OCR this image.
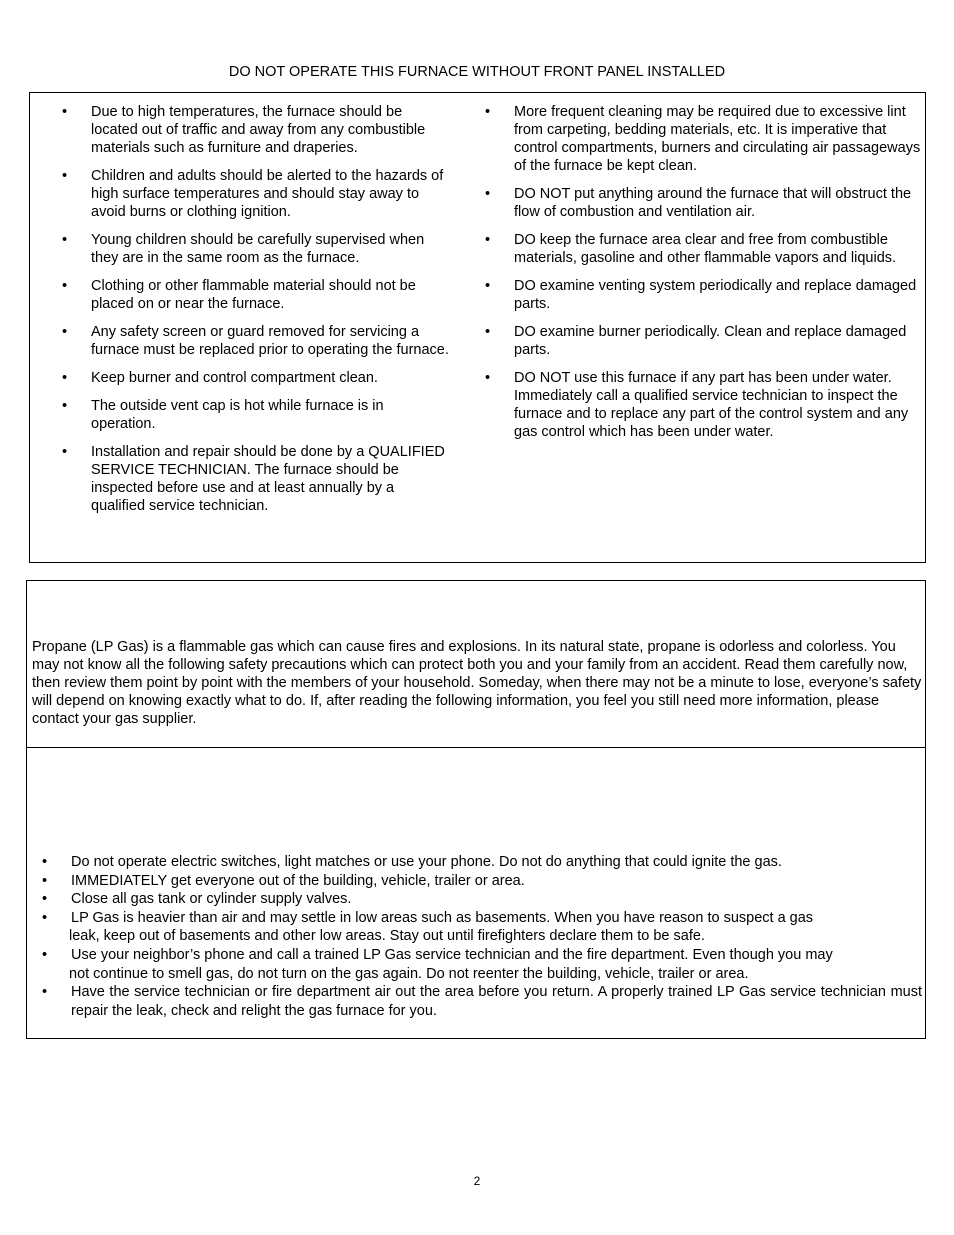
DO NOT OPERATE THIS FURNACE WITHOUT FRONT PANEL INSTALLED
• Due to high temperatures, the furnace should be located out of traffic and away from any combustible materials such as furniture and draperies.
• Children and adults should be alerted to the hazards of high surface temperatures and should stay away to avoid burns or clothing ignition.
• Young children should be carefully supervised when they are in the same room as the furnace.
• Clothing or other flammable material should not be placed on or near the furnace.
• Any safety screen or guard removed for servicing a furnace must be replaced prior to operating the furnace.
• Keep burner and control compartment clean.
• The outside vent cap is hot while furnace is in operation.
• Installation and repair should be done by a QUALIFIED SERVICE TECHNICIAN. The furnace should be inspected before use and at least annually by a qualified service technician.
• More frequent cleaning may be required due to excessive lint from carpeting, bedding materials, etc. It is imperative that control compartments, burners and circulating air passageways of the furnace be kept clean.
• DO NOT put anything around the furnace that will obstruct the flow of combustion and ventilation air.
• DO keep the furnace area clear and free from combustible materials, gasoline and other flammable vapors and liquids.
• DO examine venting system periodically and replace damaged parts.
• DO examine burner periodically. Clean and replace damaged parts.
• DO NOT use this furnace if any part has been under water. Immediately call a qualified service technician to inspect the furnace and to replace any part of the control system and any gas control which has been under water.
Propane (LP Gas) is a flammable gas which can cause fires and explosions. In its natural state, propane is odorless and colorless. You may not know all the following safety precautions which can protect both you and your family from an accident. Read them carefully now, then review them point by point with the members of your household. Someday, when there may not be a minute to lose, everyone’s safety will depend on knowing exactly what to do. If, after reading the following information, you feel you still need more information, please contact your gas supplier.
• Do not operate electric switches, light matches or use your phone. Do not do anything that could ignite the gas.
• IMMEDIATELY get everyone out of the building, vehicle, trailer or area.
• Close all gas tank or cylinder supply valves.
• LP Gas is heavier than air and may settle in low areas such as basements. When you have reason to suspect a gas
leak, keep out of basements and other low areas. Stay out until firefighters declare them to be safe.
• Use your neighbor’s phone and call a trained LP Gas service technician and the fire department. Even though you may
not continue to smell gas, do not turn on the gas again. Do not reenter the building, vehicle, trailer or area.
• Have the service technician or fire department air out the area before you return. A properly trained LP Gas service technician must repair the leak, check and relight the gas furnace for you.
2
